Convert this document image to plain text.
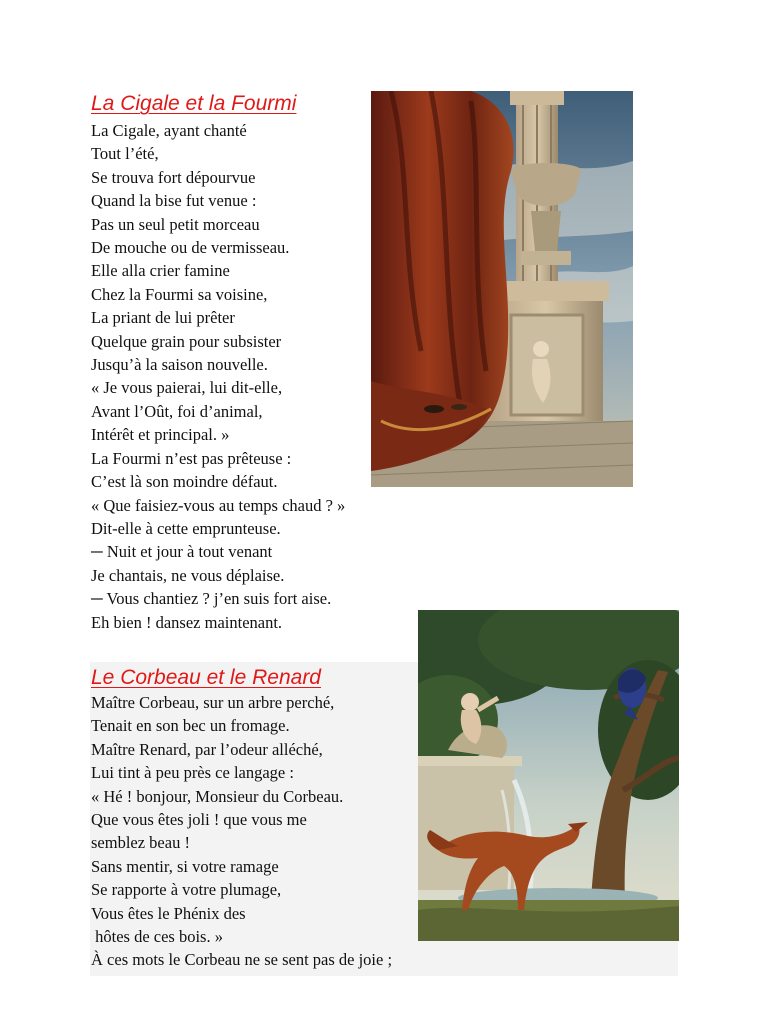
La Cigale et la Fourmi
La Cigale, ayant chanté
Tout l’été,
Se trouva fort dépourvue
Quand la bise fut venue :
Pas un seul petit morceau
De mouche ou de vermisseau.
Elle alla crier famine
Chez la Fourmi sa voisine,
La priant de lui prêter
Quelque grain pour subsister
Jusqu’à la saison nouvelle.
« Je vous paierai, lui dit-elle,
Avant l’Oût, foi d’animal,
Intérêt et principal. »
La Fourmi n’est pas prêteuse :
C’est là son moindre défaut.
« Que faisiez-vous au temps chaud ? »
Dit-elle à cette emprunteuse.
─ Nuit et jour à tout venant
Je chantais, ne vous déplaise.
─ Vous chantiez ? j’en suis fort aise.
Eh bien ! dansez maintenant.
Le Corbeau et le Renard
Maître Corbeau, sur un arbre perché,
Tenait en son bec un fromage.
Maître Renard, par l’odeur alléché,
Lui tint à peu près ce langage :
« Hé ! bonjour, Monsieur du Corbeau.
Que vous êtes joli ! que vous me
semblez beau !
Sans mentir, si votre ramage
Se rapporte à votre plumage,
Vous êtes le Phénix des
hôtes de ces bois. »
À ces mots le Corbeau ne se sent pas de joie ;
